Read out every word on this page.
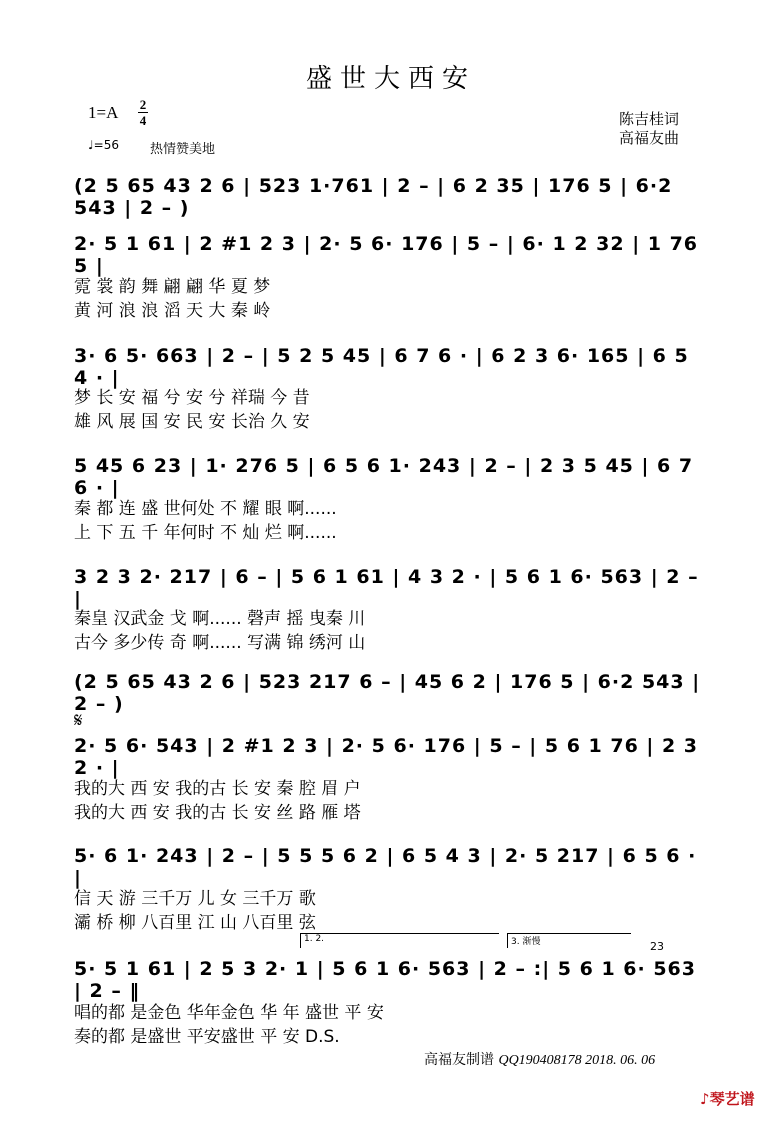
盛世大西安
1=A 2
4
♩=56 热情赞美地
陈吉桂词
高福友曲
(2 5 65 43 2 6 | 523 1·761 | 2 – | 6 2 35 | 176 5 | 6·2 543 | 2 – )
2· 5 1 61 | 2 #1 2 3 | 2· 5 6· 176 | 5 – | 6· 1 2 32 | 1 76 5 |
霓 裳 韵 舞 翩 翩 华 夏 梦
黄 河 浪 浪 滔 天 大 秦 岭
3· 6 5· 663 | 2 – | 5 2 5 45 | 6 7 6 · | 6 2 3 6· 165 | 6 5 4 · |
梦 长 安 福 兮 安 兮 祥瑞 今 昔
雄 风 展 国 安 民 安 长治 久 安
5 45 6 23 | 1· 276 5 | 6 5 6 1· 243 | 2 – | 2 3 5 45 | 6 7 6 · |
秦 都 连 盛 世何处 不 耀 眼 啊......
上 下 五 千 年何时 不 灿 烂 啊......
3 2 3 2· 217 | 6 – | 5 6 1 61 | 4 3 2 · | 5 6 1 6· 563 | 2 – |
秦皇 汉武金 戈 啊...... 磬声 摇 曳秦 川
古今 多少传 奇 啊...... 写满 锦 绣河 山
(2 5 65 43 2 6 | 523 217 6 – | 45 6 2 | 176 5 | 6·2 543 | 2 – )
𝄋
2· 5 6· 543 | 2 #1 2 3 | 2· 5 6· 176 | 5 – | 5 6 1 76 | 2 3 2 · |
我的大 西 安 我的古 长 安 秦 腔 眉 户
我的大 西 安 我的古 长 安 丝 路 雁 塔
5· 6 1· 243 | 2 – | 5 5 5 6 2 | 6 5 4 3 | 2· 5 217 | 6 5 6 · |
信 天 游 三千万 儿 女 三千万 歌
灞 桥 柳 八百里 江 山 八百里 弦
1. 2.	3. 渐慢	23
5· 5 1 61 | 2 5 3 2· 1 | 5 6 1 6· 563 | 2 – :| 5 6 1 6· 563 | 2 – ‖
唱的都 是金色 华年金色 华 年 盛世 平 安
奏的都 是盛世 平安盛世 平 安 D.S.
高福友制谱 QQ190408178 2018. 06. 06
♪琴艺谱
